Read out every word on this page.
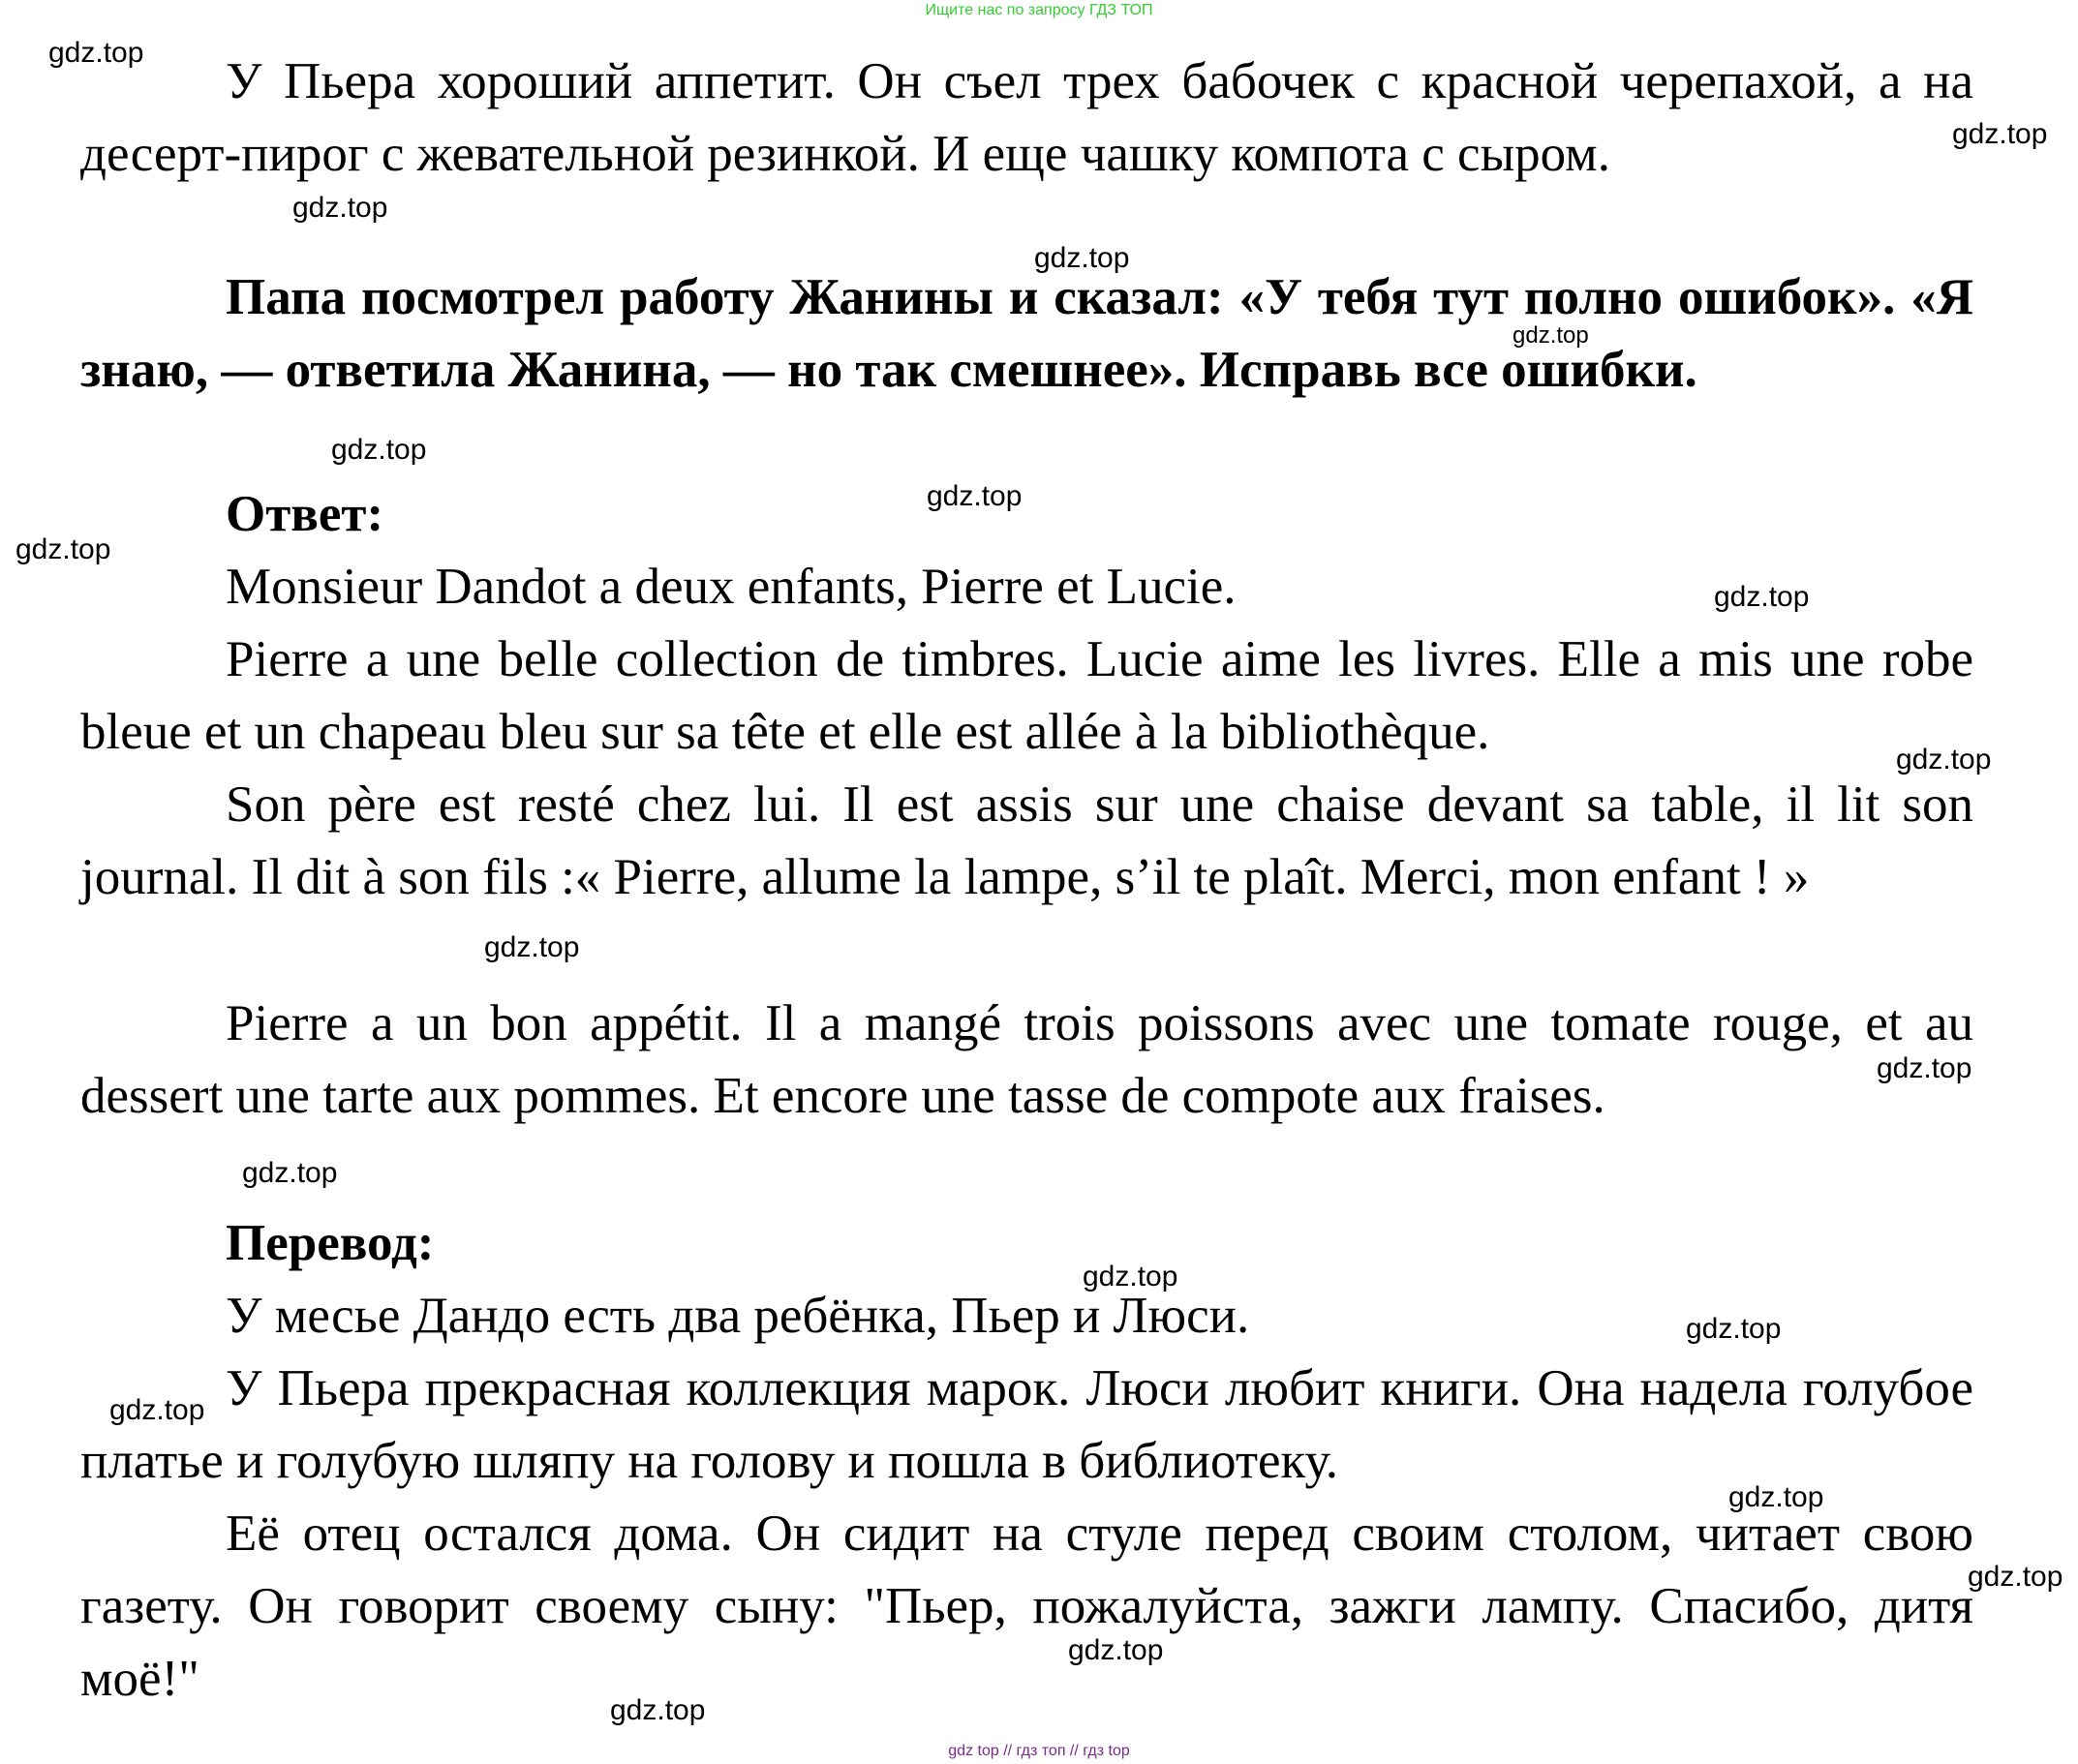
Ищите нас по запросу ГДЗ ТОП

У Пьера хороший аппетит. Он съел трех бабочек с красной черепахой, а на десерт-пирог с жевательной резинкой. И еще чашку компота с сыром.

Папа посмотрел работу Жанины и сказал: «У тебя тут полно ошибок». «Я знаю, — ответила Жанина, — но так смешнее». Исправь все ошибки.

Ответ:

Monsieur Dandot a deux enfants, Pierre et Lucie.

Pierre a une belle collection de timbres. Lucie aime les livres. Elle a mis une robe bleue et un chapeau bleu sur sa tête et elle est allée à la bibliothèque.

Son père est resté chez lui. Il est assis sur une chaise devant sa table, il lit son journal. Il dit à son fils :« Pierre, allume la lampe, s’il te plaît. Merci, mon enfant ! »

Pierre a un bon appétit. Il a mangé trois poissons avec une tomate rouge, et au dessert une tarte aux pommes. Et encore une tasse de compote aux fraises.

Перевод:

У месье Дандо есть два ребёнка, Пьер и Люси.

У Пьера прекрасная коллекция марок. Люси любит книги. Она надела голубое платье и голубую шляпу на голову и пошла в библиотеку.

Её отец остался дома. Он сидит на стуле перед своим столом, читает свою газету. Он говорит своему сыну: "Пьер, пожалуйста, зажги лампу. Спасибо, дитя моё!"

gdz.top
gdz.top
gdz.top
gdz.top
gdz.top
gdz.top
gdz.top
gdz.top
gdz.top
gdz.top
gdz.top
gdz.top
gdz.top
gdz.top
gdz.top
gdz.top
gdz.top
gdz.top
gdz.top
gdz.top
gdz top // гдз топ // гдз top
